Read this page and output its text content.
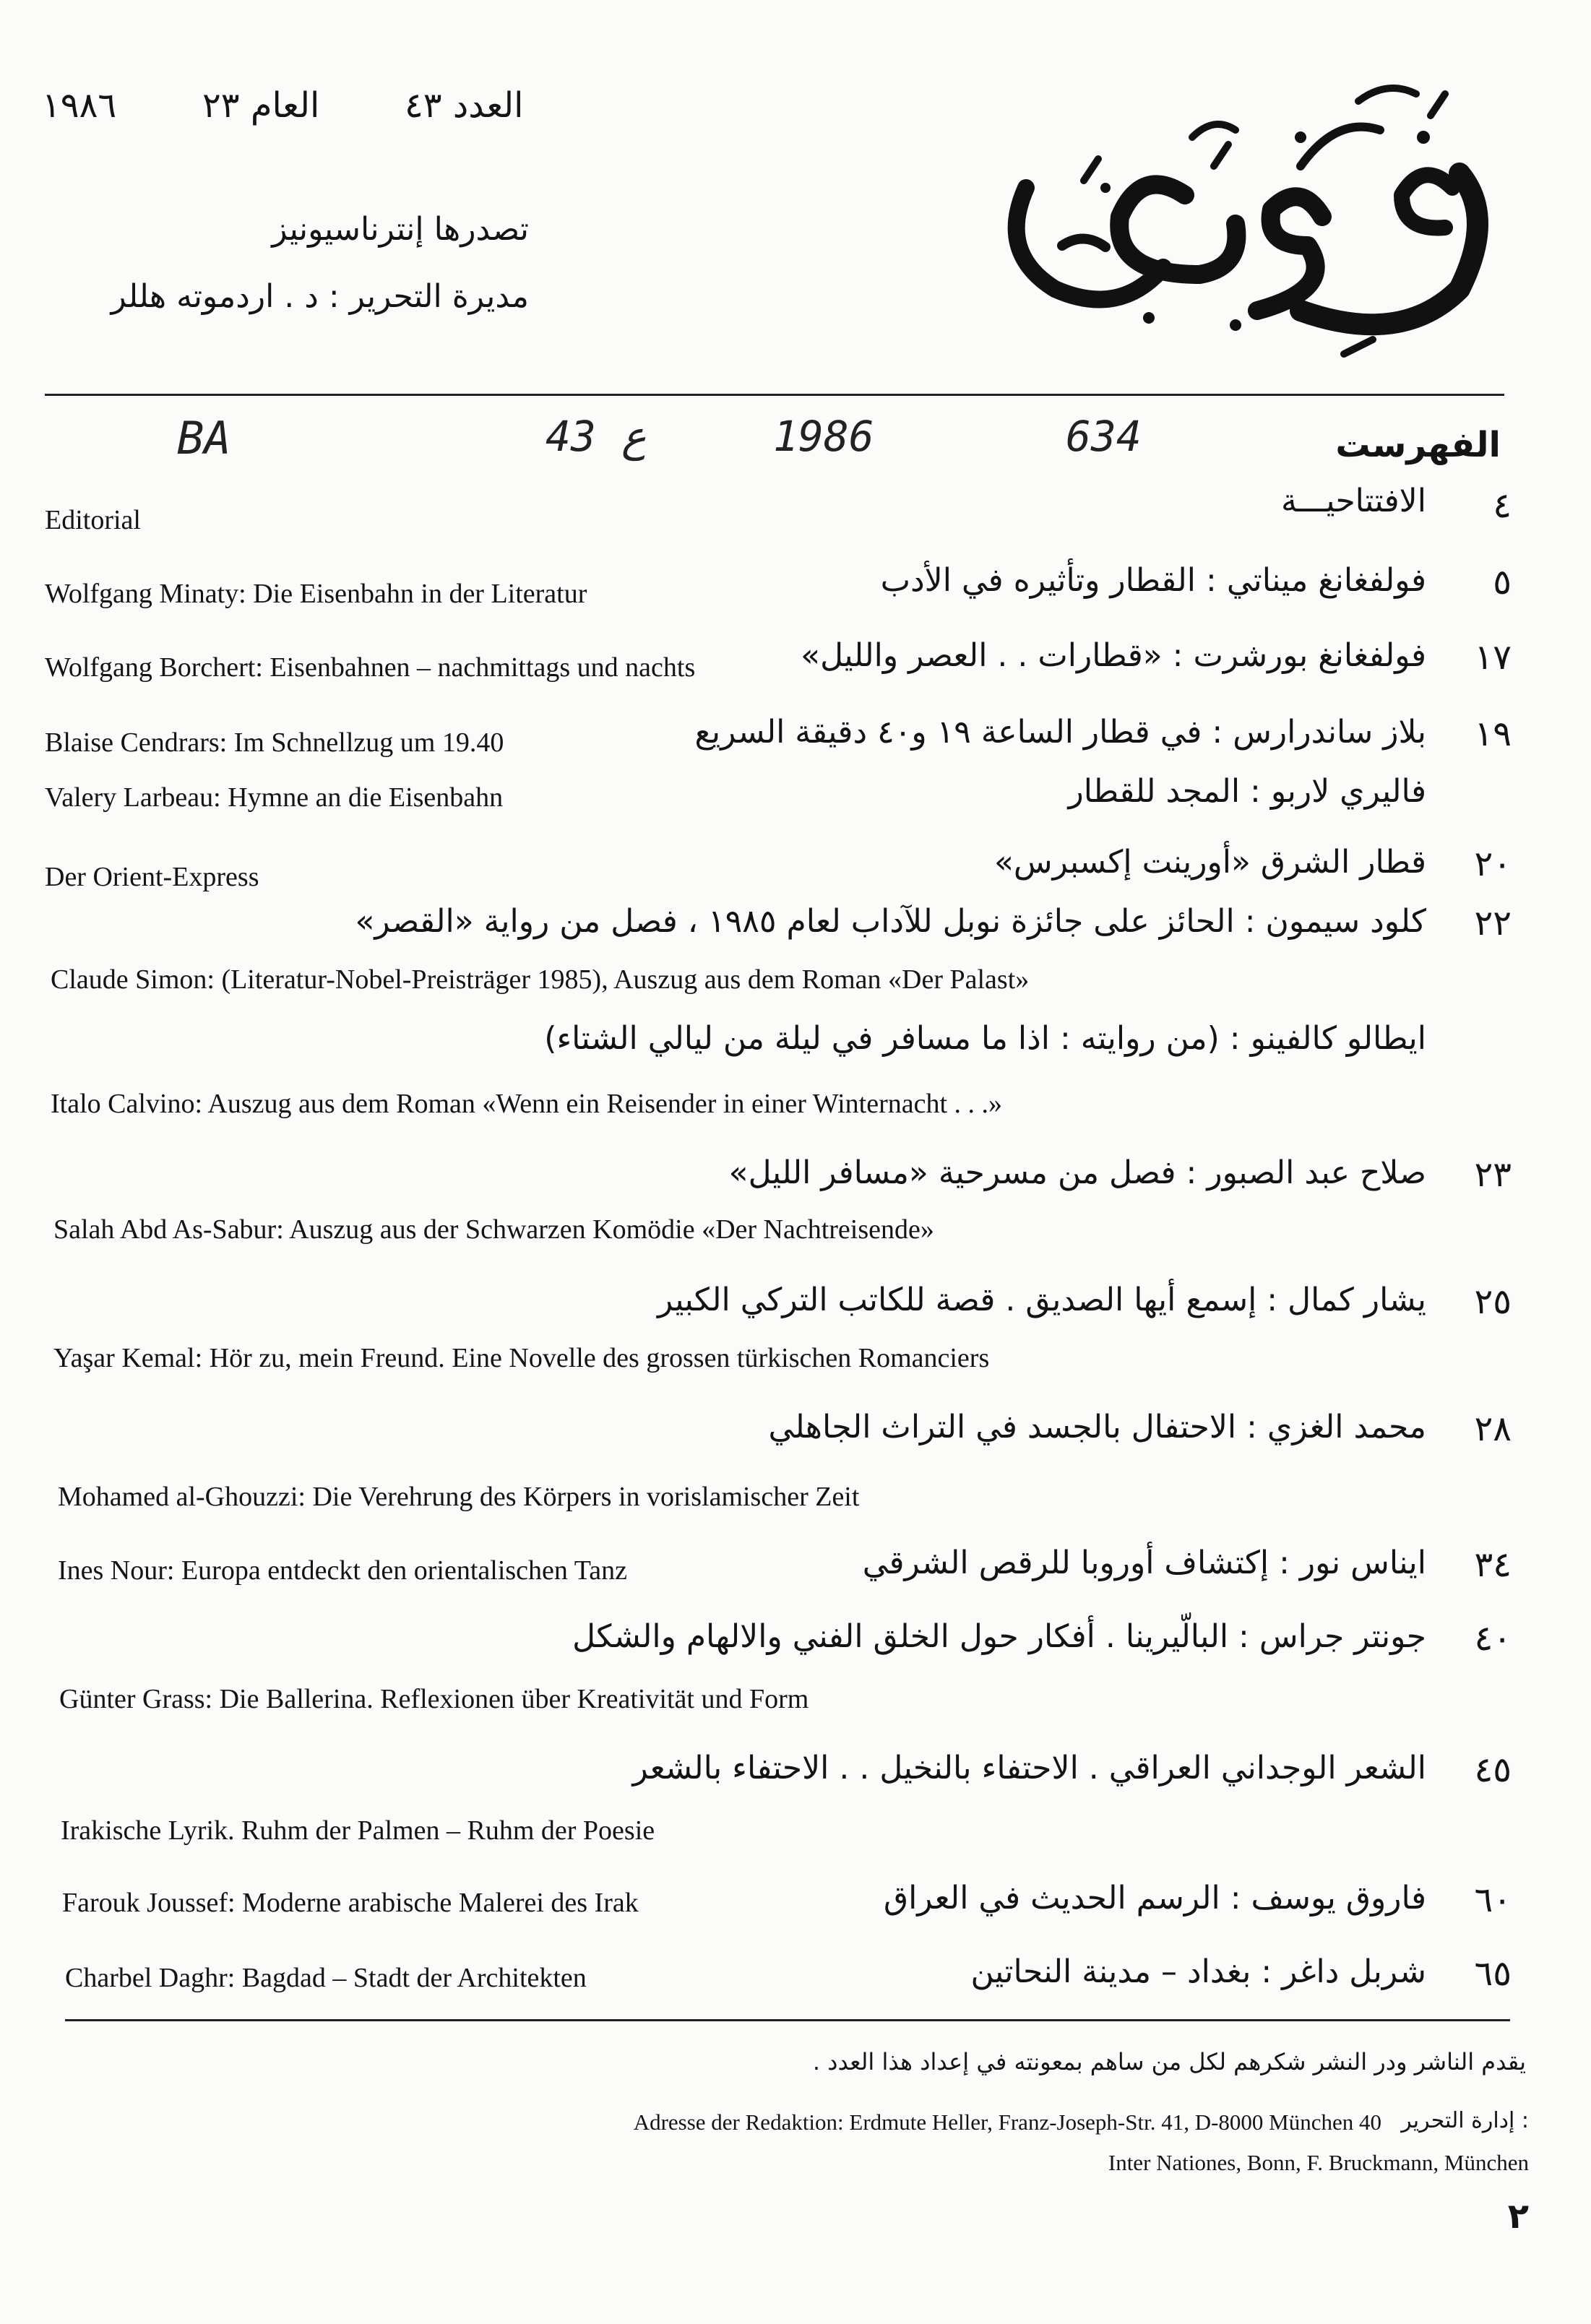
١٩٨٦ العام ٢٣ العدد ٤٣
تصدرها إنترناسيونيز
مديرة التحرير : د . اردموته هللر
فكر وفن
BA	43 ع	1986	634	الفهرست
٤
الافتتاحيـــة
Editorial
٥
فولفغانغ ميناتي : القطار وتأثيره في الأدب
Wolfgang Minaty: Die Eisenbahn in der Literatur
١٧
فولفغانغ بورشرت : «قطارات . . العصر والليل»
Wolfgang Borchert: Eisenbahnen – nachmittags und nachts
١٩
بلاز ساندرارس : في قطار الساعة ١٩ و٤٠ دقيقة السريع
Blaise Cendrars: Im Schnellzug um 19.40
فاليري لاربو : المجد للقطار
Valery Larbeau: Hymne an die Eisenbahn
٢٠
قطار الشرق «أورينت إكسبرس»
Der Orient-Express
٢٢
كلود سيمون : الحائز على جائزة نوبل للآداب لعام ١٩٨٥ ، فصل من رواية «القصر»
Claude Simon: (Literatur-Nobel-Preisträger 1985), Auszug aus dem Roman «Der Palast»
ايطالو كالفينو : (من روايته : اذا ما مسافر في ليلة من ليالي الشتاء)
Italo Calvino: Auszug aus dem Roman «Wenn ein Reisender in einer Winternacht . . .»
٢٣
صلاح عبد الصبور : فصل من مسرحية «مسافر الليل»
Salah Abd As-Sabur: Auszug aus der Schwarzen Komödie «Der Nachtreisende»
٢٥
يشار كمال : إسمع أيها الصديق . قصة للكاتب التركي الكبير
Yaşar Kemal: Hör zu, mein Freund. Eine Novelle des grossen türkischen Romanciers
٢٨
محمد الغزي : الاحتفال بالجسد في التراث الجاهلي
Mohamed al-Ghouzzi: Die Verehrung des Körpers in vorislamischer Zeit
٣٤
ايناس نور : إكتشاف أوروبا للرقص الشرقي
Ines Nour: Europa entdeckt den orientalischen Tanz
٤٠
جونتر جراس : البالّيرينا . أفكار حول الخلق الفني والالهام والشكل
Günter Grass: Die Ballerina. Reflexionen über Kreativität und Form
٤٥
الشعر الوجداني العراقي . الاحتفاء بالنخيل . . الاحتفاء بالشعر
Irakische Lyrik. Ruhm der Palmen – Ruhm der Poesie
٦٠
فاروق يوسف : الرسم الحديث في العراق
Farouk Joussef: Moderne arabische Malerei des Irak
٦٥
شربل داغر : بغداد – مدينة النحاتين
Charbel Daghr: Bagdad – Stadt der Architekten
يقدم الناشر ودر النشر شكرهم لكل من ساهم بمعونته في إعداد هذا العدد .
: إدارة التحرير
Adresse der Redaktion: Erdmute Heller, Franz-Joseph-Str. 41, D-8000 München 40
Inter Nationes, Bonn, F. Bruckmann, München
٢
